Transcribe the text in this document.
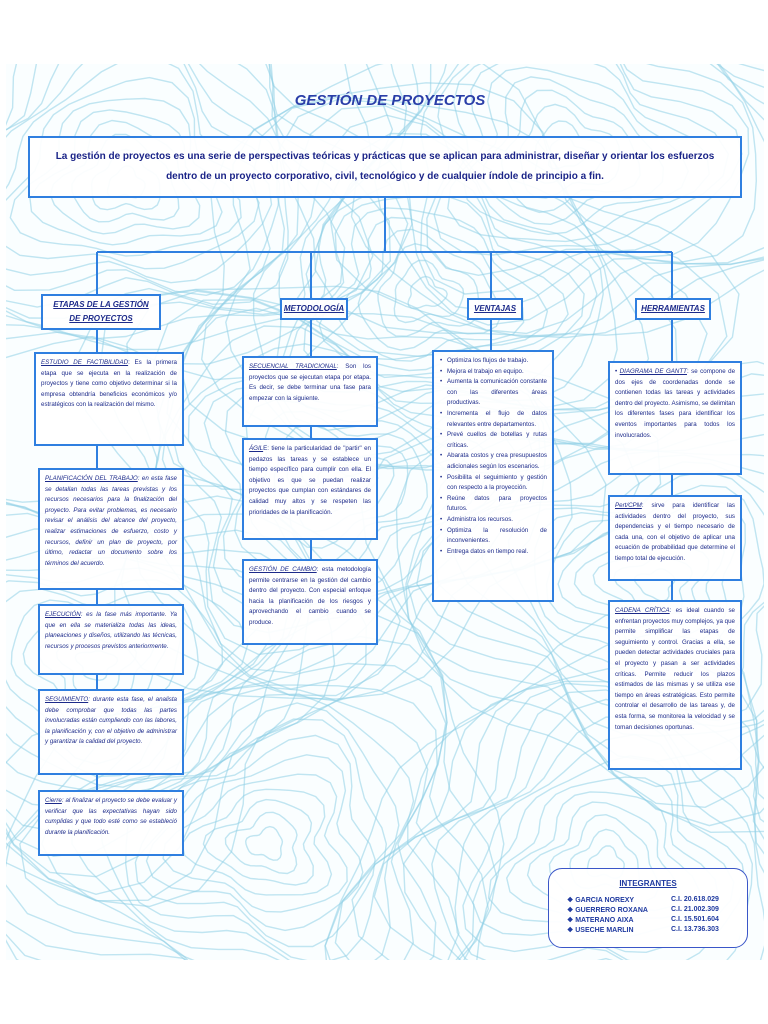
GESTIÓN DE PROYECTOS
La gestión de proyectos es una serie de perspectivas teóricas y prácticas que se aplican para administrar, diseñar y orientar los esfuerzos dentro de un proyecto corporativo, civil, tecnológico y de cualquier índole de principio a fin.
ETAPAS DE LA GESTIÓN DE PROYECTOS
METODOLOGÍA	VENTAJAS	HERRAMIENTAS
ESTUDIO DE FACTIBILIDAD: Es la primera etapa que se ejecuta en la realización de proyectos y tiene como objetivo determinar si la empresa obtendría beneficios económicos y/o estratégicos con la realización del mismo.
PLANIFICACIÓN DEL TRABAJO: en esta fase se detallan todas las tareas previstas y los recursos necesarios para la finalización del proyecto. Para evitar problemas, es necesario revisar el análisis del alcance del proyecto, realizar estimaciones de esfuerzo, costo y recursos, definir un plan de proyecto, por último, redactar un documento sobre los términos del acuerdo.
EJECUCIÓN: es la fase más importante. Ya que en ella se materializa todas las ideas, planeaciones y diseños, utilizando las técnicas, recursos y procesos previstos anteriormente.
SEGUIMIENTO: durante esta fase, el analista debe comprobar que todas las partes involucradas están cumpliendo con las labores, la planificación y, con el objetivo de administrar y garantizar la calidad del proyecto.
Cierre: al finalizar el proyecto se debe evaluar y verificar que las expectativas hayan sido cumplidas y que todo esté como se estableció durante la planificación.
SECUENCIAL TRADICIONAL: Son los proyectos que se ejecutan etapa por etapa. Es decir, se debe terminar una fase para empezar con la siguiente.
ÁGILE: tiene la particularidad de "partir" en pedazos las tareas y se establece un tiempo específico para cumplir con ella. El objetivo es que se puedan realizar proyectos que cumplan con estándares de calidad muy altos y se respeten las prioridades de la planificación.
GESTIÓN DE CAMBIO: esta metodología permite centrarse en la gestión del cambio dentro del proyecto. Con especial enfoque hacia la planificación de los riesgos y aprovechando el cambio cuando se produce.
• Optimiza los flujos de trabajo.
• Mejora el trabajo en equipo.
• Aumenta la comunicación constante con las diferentes áreas productivas.
• Incrementa el flujo de datos relevantes entre departamentos.
• Prevé cuellos de botellas y rutas críticas.
• Abarata costos y crea presupuestos adicionales según los escenarios.
• Posibilita el seguimiento y gestión con respecto a la proyección.
• Reúne datos para proyectos futuros.
• Administra los recursos.
• Optimiza la resolución de inconvenientes.
• Entrega datos en tiempo real.
• DIAGRAMA DE GANTT: se compone de dos ejes de coordenadas donde se contienen todas las tareas y actividades dentro del proyecto. Asimismo, se delimitan los diferentes fases para identificar los eventos importantes para todos los involucrados.
Pert/CPM: sirve para identificar las actividades dentro del proyecto, sus dependencias y el tiempo necesario de cada una, con el objetivo de aplicar una ecuación de probabilidad que determine el tiempo total de ejecución.
CADENA CRÍTICA: es ideal cuando se enfrentan proyectos muy complejos, ya que permite simplificar las etapas de seguimiento y control. Gracias a ella, se pueden detectar actividades cruciales para el proyecto y pasan a ser actividades críticas. Permite reducir los plazos estimados de las mismas y se utiliza ese tiempo en áreas estratégicas. Esto permite controlar el desarrollo de las tareas y, de esta forma, se monitorea la velocidad y se toman decisiones oportunas.
INTEGRANTES
❖ GARCIA NOREXY	C.I. 20.618.029
❖ GUERRERO ROXANA	C.I. 21.002.309
❖ MATERANO AIXA	C.I. 15.501.604
❖ USECHE MARLIN	C.I. 13.736.303
